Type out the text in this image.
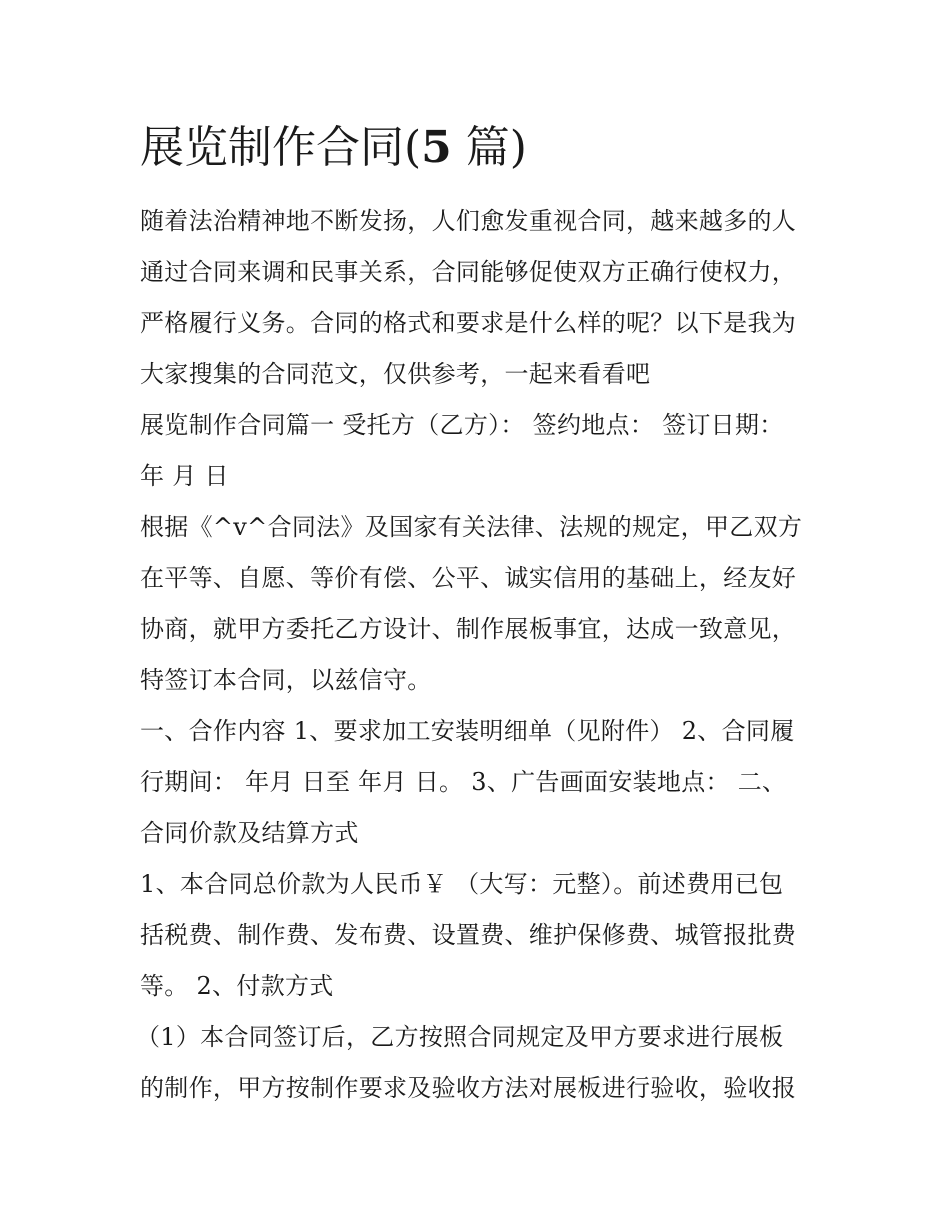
展览制作合同(5 篇)
随着法治精神地不断发扬，人们愈发重视合同，越来越多的人
通过合同来调和民事关系，合同能够促使双方正确行使权力，
严格履行义务。合同的格式和要求是什么样的呢？以下是我为
大家搜集的合同范文，仅供参考，一起来看看吧
展览制作合同篇一 受托方（乙方）： 签约地点： 签订日期：
年 月 日
根据《^v^合同法》及国家有关法律、法规的规定，甲乙双方
在平等、自愿、等价有偿、公平、诚实信用的基础上，经友好
协商，就甲方委托乙方设计、制作展板事宜，达成一致意见，
特签订本合同，以兹信守。
一、合作内容 1、要求加工安装明细单（见附件） 2、合同履
行期间： 年月 日至 年月 日。 3、广告画面安装地点： 二、
合同价款及结算方式
1、本合同总价款为人民币￥ （大写：元整）。前述费用已包
括税费、制作费、发布费、设置费、维护保修费、城管报批费
等。 2、付款方式
（1）本合同签订后，乙方按照合同规定及甲方要求进行展板
的制作，甲方按制作要求及验收方法对展板进行验收，验收报
